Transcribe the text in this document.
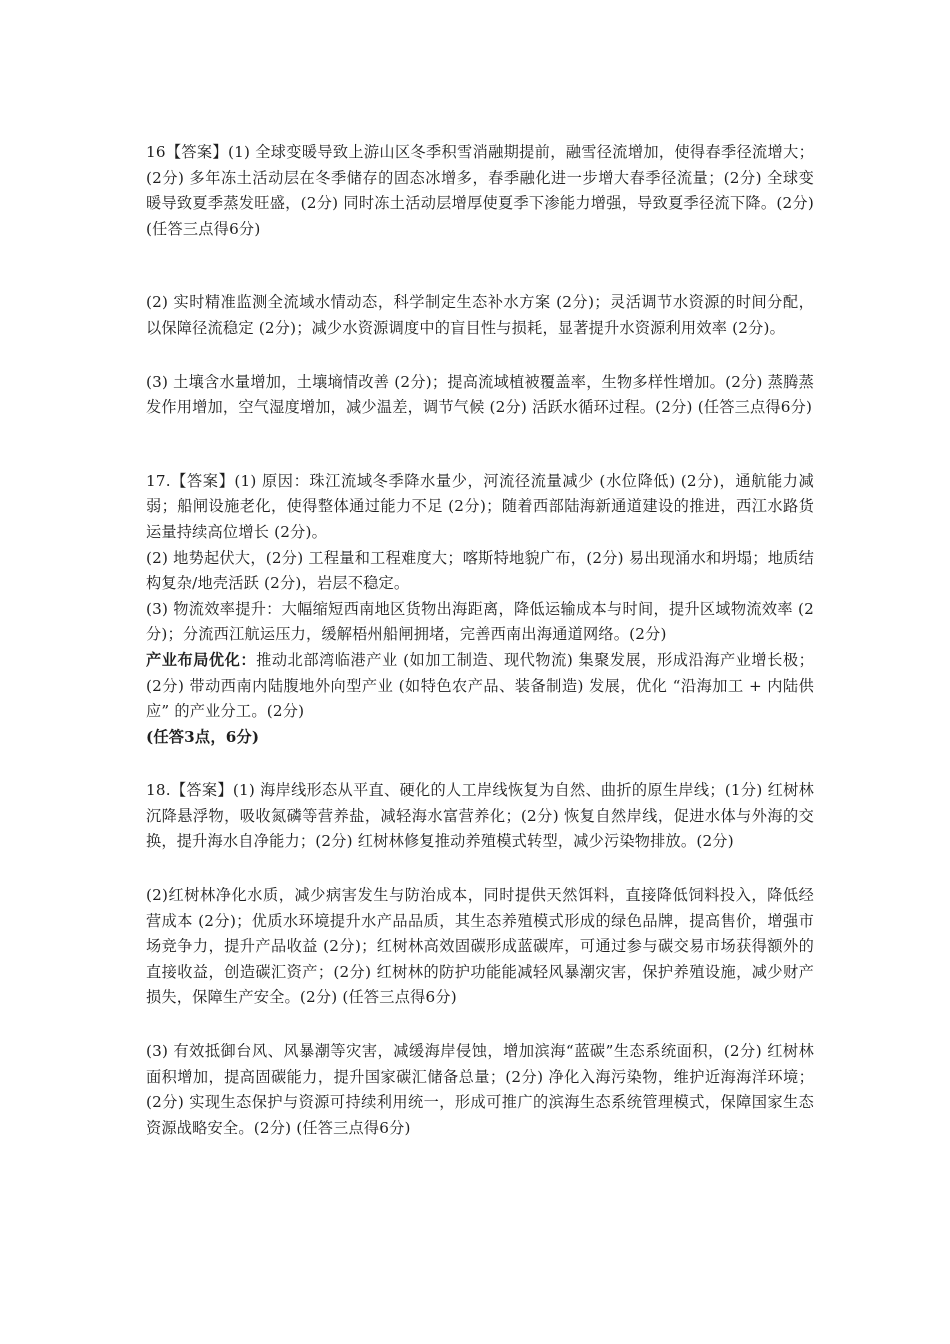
16【答案】(1) 全球变暖导致上游山区冬季积雪消融期提前，融雪径流增加，使得春季径流增大；(2分) 多年冻土活动层在冬季储存的固态冰增多，春季融化进一步增大春季径流量；(2分) 全球变暖导致夏季蒸发旺盛，(2分) 同时冻土活动层增厚使夏季下渗能力增强，导致夏季径流下降。(2分) (任答三点得6分)

(2) 实时精准监测全流域水情动态，科学制定生态补水方案 (2分)；灵活调节水资源的时间分配，以保障径流稳定 (2分)；减少水资源调度中的盲目性与损耗，显著提升水资源利用效率 (2分)。

(3) 土壤含水量增加，土壤墒情改善 (2分)；提高流域植被覆盖率，生物多样性增加。(2分) 蒸腾蒸发作用增加，空气湿度增加，减少温差，调节气候 (2分) 活跃水循环过程。(2分) (任答三点得6分)

17.【答案】(1) 原因：珠江流域冬季降水量少，河流径流量减少 (水位降低) (2分)，通航能力减弱；船闸设施老化，使得整体通过能力不足 (2分)；随着西部陆海新通道建设的推进，西江水路货运量持续高位增长 (2分)。

(2) 地势起伏大，(2分) 工程量和工程难度大；喀斯特地貌广布，(2分) 易出现涌水和坍塌；地质结构复杂/地壳活跃 (2分)，岩层不稳定。

(3) 物流效率提升：大幅缩短西南地区货物出海距离，降低运输成本与时间，提升区域物流效率 (2分)；分流西江航运压力，缓解梧州船闸拥堵，完善西南出海通道网络。(2分)

产业布局优化：推动北部湾临港产业 (如加工制造、现代物流) 集聚发展，形成沿海产业增长极；(2分) 带动西南内陆腹地外向型产业 (如特色农产品、装备制造) 发展，优化 “沿海加工 + 内陆供应” 的产业分工。(2分)

(任答3点，6分)

18.【答案】(1) 海岸线形态从平直、硬化的人工岸线恢复为自然、曲折的原生岸线；(1分) 红树林沉降悬浮物，吸收氮磷等营养盐，减轻海水富营养化；(2分) 恢复自然岸线，促进水体与外海的交换，提升海水自净能力；(2分) 红树林修复推动养殖模式转型，减少污染物排放。(2分)

(2)红树林净化水质，减少病害发生与防治成本，同时提供天然饵料，直接降低饲料投入，降低经营成本 (2分)；优质水环境提升水产品品质，其生态养殖模式形成的绿色品牌，提高售价，增强市场竞争力，提升产品收益 (2分)；红树林高效固碳形成蓝碳库，可通过参与碳交易市场获得额外的直接收益，创造碳汇资产；(2分) 红树林的防护功能能减轻风暴潮灾害，保护养殖设施，减少财产损失，保障生产安全。(2分) (任答三点得6分)

(3) 有效抵御台风、风暴潮等灾害，减缓海岸侵蚀，增加滨海“蓝碳”生态系统面积，(2分) 红树林面积增加，提高固碳能力，提升国家碳汇储备总量；(2分) 净化入海污染物，维护近海海洋环境；(2分) 实现生态保护与资源可持续利用统一，形成可推广的滨海生态系统管理模式，保障国家生态资源战略安全。(2分) (任答三点得6分)
